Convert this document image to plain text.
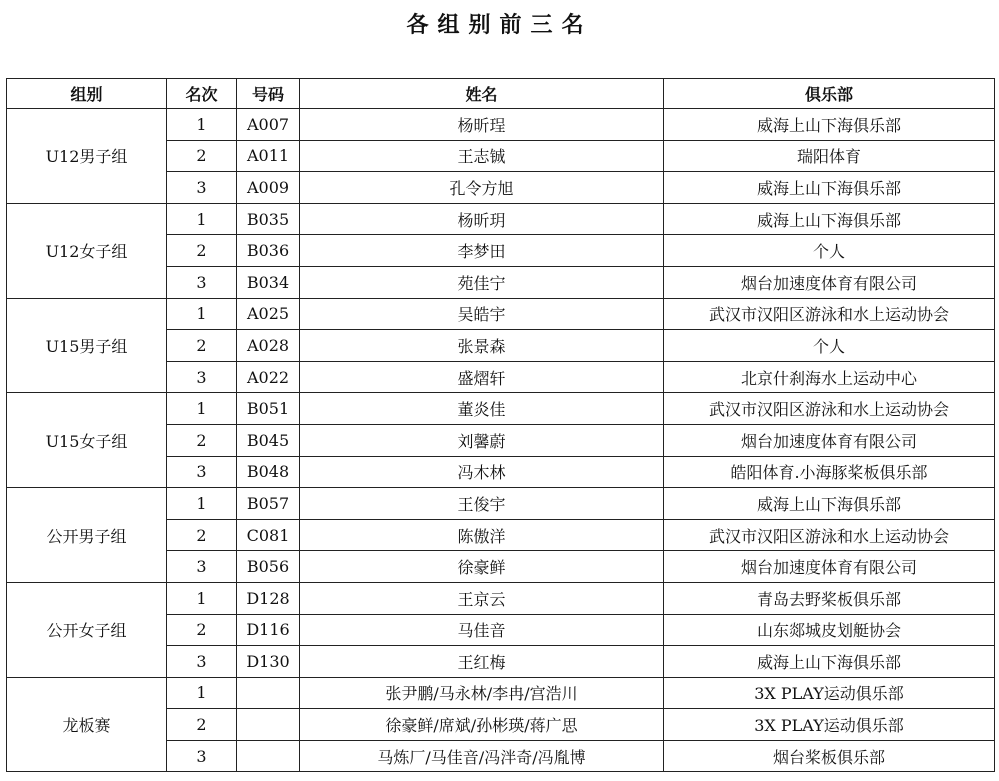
各组别前三名
组别	名次	号码	姓名	俱乐部
U12男子组	1	A007	杨昕珵	威海上山下海俱乐部
	2	A011	王志铖	瑞阳体育
	3	A009	孔令方旭	威海上山下海俱乐部
U12女子组	1	B035	杨昕玥	威海上山下海俱乐部
	2	B036	李梦田	个人
	3	B034	苑佳宁	烟台加速度体育有限公司
U15男子组	1	A025	吴皓宇	武汉市汉阳区游泳和水上运动协会
	2	A028	张景森	个人
	3	A022	盛熠轩	北京什刹海水上运动中心
U15女子组	1	B051	董炎佳	武汉市汉阳区游泳和水上运动协会
	2	B045	刘馨蔚	烟台加速度体育有限公司
	3	B048	冯木林	皓阳体育.小海豚桨板俱乐部
公开男子组	1	B057	王俊宇	威海上山下海俱乐部
	2	C081	陈傲洋	武汉市汉阳区游泳和水上运动协会
	3	B056	徐豪鲜	烟台加速度体育有限公司
公开女子组	1	D128	王京云	青岛去野桨板俱乐部
	2	D116	马佳音	山东郯城皮划艇协会
	3	D130	王红梅	威海上山下海俱乐部
龙板赛	1		张尹鹏/马永林/李冉/宫浩川	3X PLAY运动俱乐部
	2		徐豪鲜/席斌/孙彬瑛/蒋广思	3X PLAY运动俱乐部
	3		马炼厂/马佳音/冯泮奇/冯胤博	烟台桨板俱乐部
